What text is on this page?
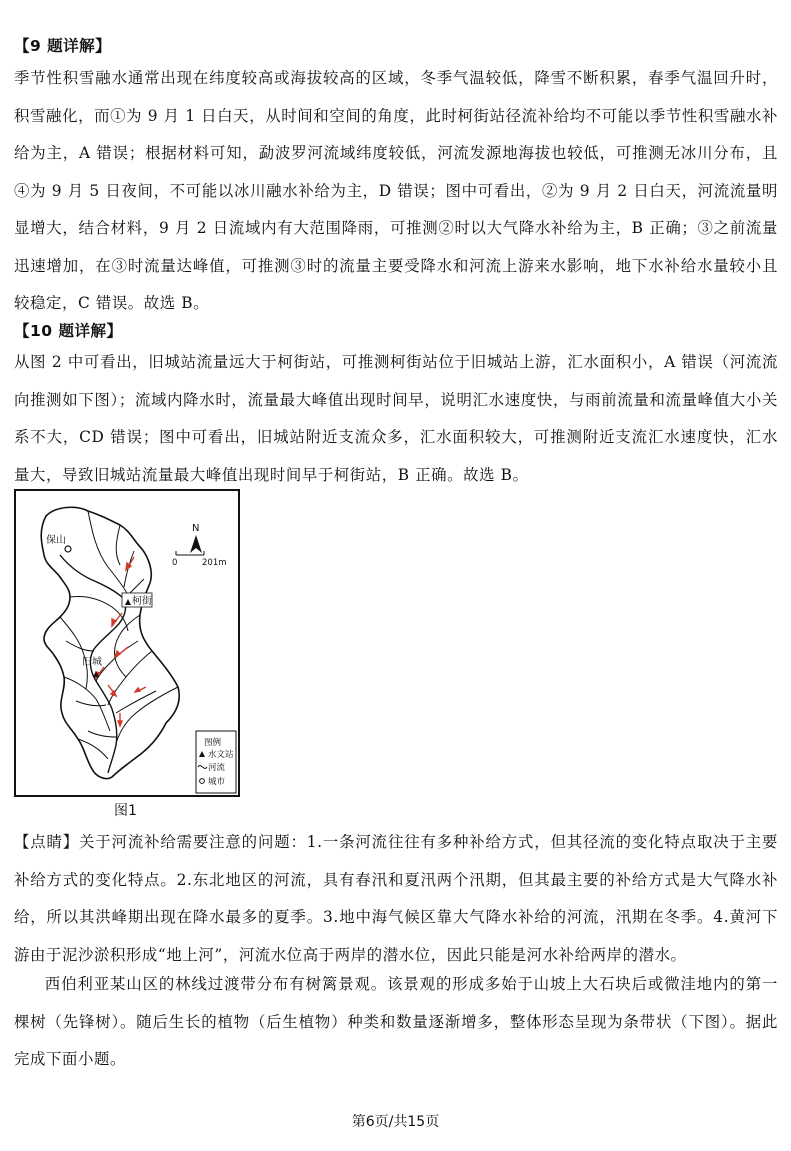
【9 题详解】

季节性积雪融水通常出现在纬度较高或海拔较高的区域，冬季气温较低，降雪不断积累，春季气温回升时，积雪融化，而①为 9 月 1 日白天，从时间和空间的角度，此时柯街站径流补给均不可能以季节性积雪融水补给为主，A 错误；根据材料可知，勐波罗河流域纬度较低，河流发源地海拔也较低，可推测无冰川分布，且④为 9 月 5 日夜间，不可能以冰川融水补给为主，D 错误；图中可看出，②为 9 月 2 日白天，河流流量明显增大，结合材料，9 月 2 日流域内有大范围降雨，可推测②时以大气降水补给为主，B 正确；③之前流量迅速增加，在③时流量达峰值，可推测③时的流量主要受降水和河流上游来水影响，地下水补给水量较小且较稳定，C 错误。故选 B。

【10 题详解】

从图 2 中可看出，旧城站流量远大于柯街站，可推测柯街站位于旧城站上游，汇水面积小，A 错误（河流流向推测如下图）；流域内降水时，流量最大峰值出现时间早，说明汇水速度快，与雨前流量和流量峰值大小关系不大，CD 错误；图中可看出，旧城站附近支流众多，汇水面积较大，可推测附近支流汇水速度快，汇水量大，导致旧城站流量最大峰值出现时间早于柯街站，B 正确。故选 B。

保山
柯街
旧城
N
0	201m
图例
水文站
河流
城市
图1

【点睛】关于河流补给需要注意的问题：1.一条河流往往有多种补给方式，但其径流的变化特点取决于主要补给方式的变化特点。2.东北地区的河流，具有春汛和夏汛两个汛期，但其最主要的补给方式是大气降水补给，所以其洪峰期出现在降水最多的夏季。3.地中海气候区靠大气降水补给的河流，汛期在冬季。4.黄河下游由于泥沙淤积形成“地上河”，河流水位高于两岸的潜水位，因此只能是河水补给两岸的潜水。

西伯利亚某山区的林线过渡带分布有树篱景观。该景观的形成多始于山坡上大石块后或微洼地内的第一棵树（先锋树）。随后生长的植物（后生植物）种类和数量逐渐增多，整体形态呈现为条带状（下图）。据此完成下面小题。

第6页/共15页
